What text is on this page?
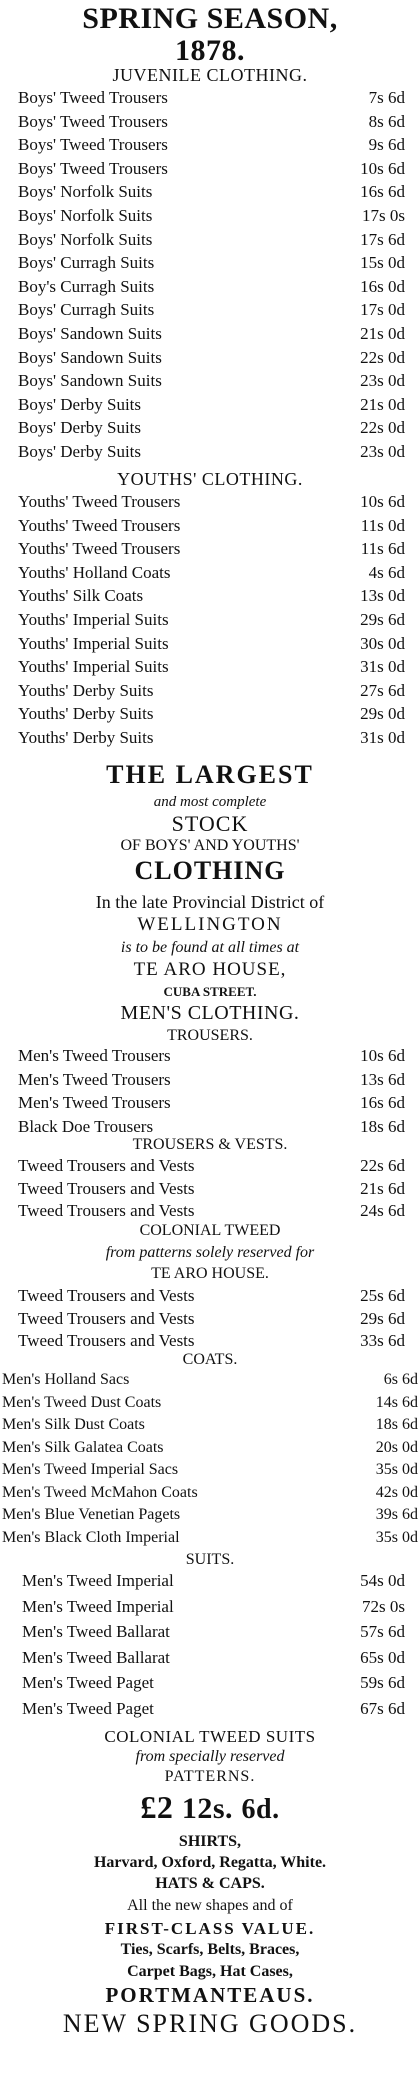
SPRING SEASON,
1878.
JUVENILE CLOTHING.
Boys' Tweed Trousers	7s 6d
Boys' Tweed Trousers	8s 6d
Boys' Tweed Trousers	9s 6d
Boys' Tweed Trousers	10s 6d
Boys' Norfolk Suits	16s 6d
Boys' Norfolk Suits	17s 0s
Boys' Norfolk Suits	17s 6d
Boys' Curragh Suits	15s 0d
Boy's Curragh Suits	16s 0d
Boys' Curragh Suits	17s 0d
Boys' Sandown Suits	21s 0d
Boys' Sandown Suits	22s 0d
Boys' Sandown Suits	23s 0d
Boys' Derby Suits	21s 0d
Boys' Derby Suits	22s 0d
Boys' Derby Suits	23s 0d
YOUTHS' CLOTHING.
Youths' Tweed Trousers	10s 6d
Youths' Tweed Trousers	11s 0d
Youths' Tweed Trousers	11s 6d
Youths' Holland Coats	4s 6d
Youths' Silk Coats	13s 0d
Youths' Imperial Suits	29s 6d
Youths' Imperial Suits	30s 0d
Youths' Imperial Suits	31s 0d
Youths' Derby Suits	27s 6d
Youths' Derby Suits	29s 0d
Youths' Derby Suits	31s 0d
THE LARGEST
and most complete
STOCK
OF BOYS' AND YOUTHS'
CLOTHING
In the late Provincial District of
WELLINGTON
is to be found at all times at
TE ARO HOUSE,
CUBA STREET.
MEN'S CLOTHING.
TROUSERS.
Men's Tweed Trousers	10s 6d
Men's Tweed Trousers	13s 6d
Men's Tweed Trousers	16s 6d
Black Doe Trousers	18s 6d
TROUSERS & VESTS.
Tweed Trousers and Vests	22s 6d
Tweed Trousers and Vests	21s 6d
Tweed Trousers and Vests	24s 6d
COLONIAL TWEED
from patterns solely reserved for
TE ARO HOUSE.
Tweed Trousers and Vests	25s 6d
Tweed Trousers and Vests	29s 6d
Tweed Trousers and Vests	33s 6d
COATS.
Men's Holland Sacs	6s 6d
Men's Tweed Dust Coats	14s 6d
Men's Silk Dust Coats	18s 6d
Men's Silk Galatea Coats	20s 0d
Men's Tweed Imperial Sacs	35s 0d
Men's Tweed McMahon Coats	42s 0d
Men's Blue Venetian Pagets	39s 6d
Men's Black Cloth Imperial	35s 0d
SUITS.
Men's Tweed Imperial	54s 0d
Men's Tweed Imperial	72s 0s
Men's Tweed Ballarat	57s 6d
Men's Tweed Ballarat	65s 0d
Men's Tweed Paget	59s 6d
Men's Tweed Paget	67s 6d
COLONIAL TWEED SUITS
from specially reserved
PATTERNS.
£2 12s. 6d.
SHIRTS,
Harvard, Oxford, Regatta, White.
HATS & CAPS.
All the new shapes and of
FIRST-CLASS VALUE.
Ties, Scarfs, Belts, Braces,
Carpet Bags, Hat Cases,
PORTMANTEAUS.
NEW SPRING GOODS.
